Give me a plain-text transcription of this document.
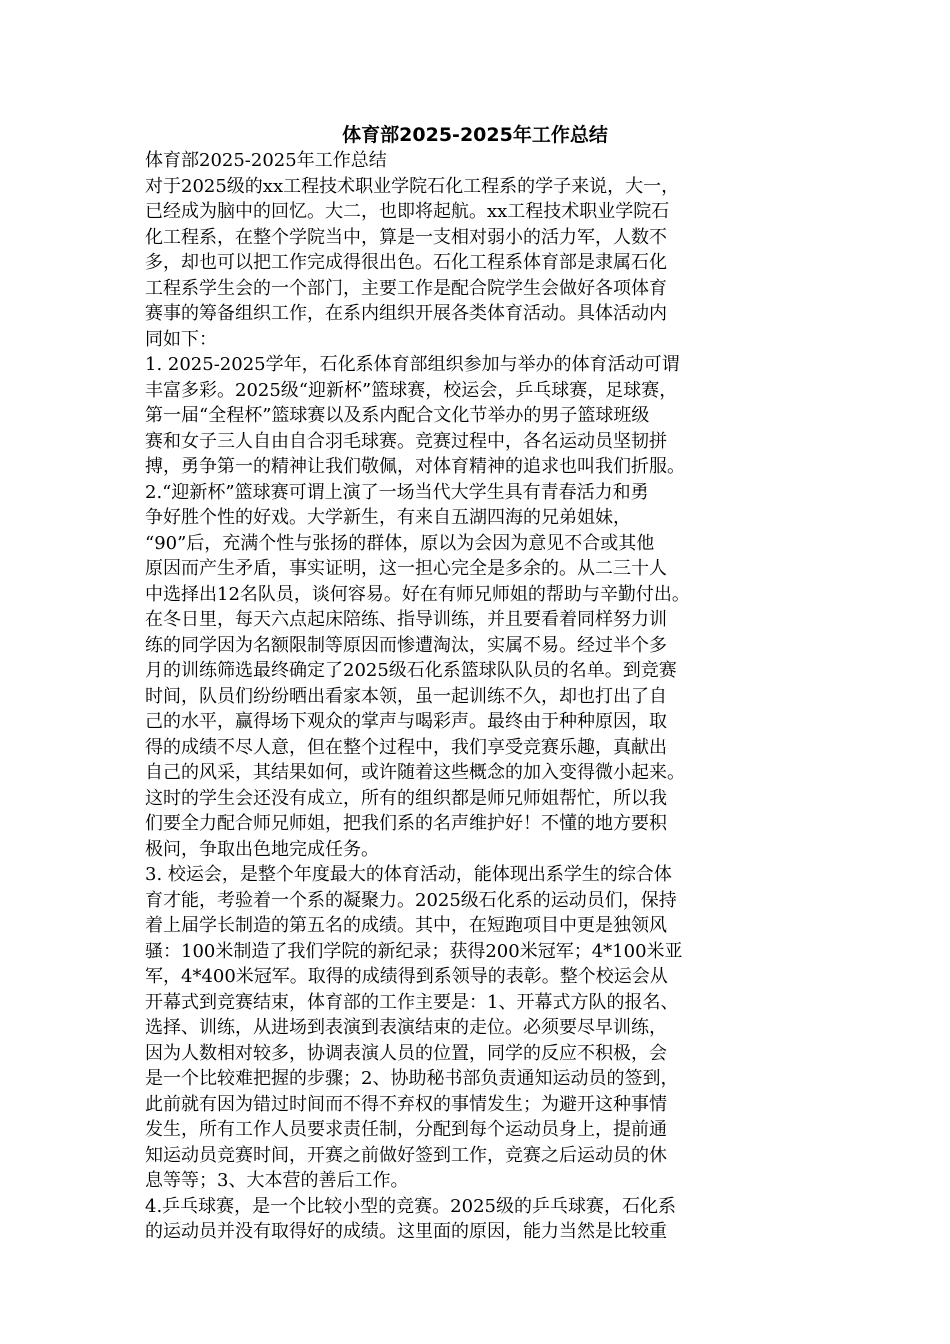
体育部2025-2025年工作总结
体育部2025-2025年工作总结
对于2025级的xx工程技术职业学院石化工程系的学子来说，大一，
已经成为脑中的回忆。大二，也即将起航。xx工程技术职业学院石
化工程系，在整个学院当中，算是一支相对弱小的活力军，人数不
多，却也可以把工作完成得很出色。石化工程系体育部是隶属石化
工程系学生会的一个部门，主要工作是配合院学生会做好各项体育
赛事的筹备组织工作，在系内组织开展各类体育活动。具体活动内
同如下：
1. 2025-2025学年，石化系体育部组织参加与举办的体育活动可谓
丰富多彩。2025级“迎新杯”篮球赛，校运会，乒乓球赛，足球赛，
第一届“全程杯”篮球赛以及系内配合文化节举办的男子篮球班级
赛和女子三人自由自合羽毛球赛。竞赛过程中，各名运动员坚韧拼
搏，勇争第一的精神让我们敬佩，对体育精神的追求也叫我们折服。
2.“迎新杯”篮球赛可谓上演了一场当代大学生具有青春活力和勇
争好胜个性的好戏。大学新生，有来自五湖四海的兄弟姐妹，
“90”后，充满个性与张扬的群体，原以为会因为意见不合或其他
原因而产生矛盾，事实证明，这一担心完全是多余的。从二三十人
中选择出12名队员，谈何容易。好在有师兄师姐的帮助与辛勤付出。
在冬日里，每天六点起床陪练、指导训练，并且要看着同样努力训
练的同学因为名额限制等原因而惨遭淘汰，实属不易。经过半个多
月的训练筛选最终确定了2025级石化系篮球队队员的名单。到竞赛
时间，队员们纷纷晒出看家本领，虽一起训练不久，却也打出了自
己的水平，赢得场下观众的掌声与喝彩声。最终由于种种原因，取
得的成绩不尽人意，但在整个过程中，我们享受竞赛乐趣，真献出
自己的风采，其结果如何，或许随着这些概念的加入变得微小起来。
这时的学生会还没有成立，所有的组织都是师兄师姐帮忙，所以我
们要全力配合师兄师姐，把我们系的名声维护好！不懂的地方要积
极问，争取出色地完成任务。
3. 校运会，是整个年度最大的体育活动，能体现出系学生的综合体
育才能，考验着一个系的凝聚力。2025级石化系的运动员们，保持
着上届学长制造的第五名的成绩。其中，在短跑项目中更是独领风
骚：100米制造了我们学院的新纪录；获得200米冠军；4*100米亚
军，4*400米冠军。取得的成绩得到系领导的表彰。整个校运会从
开幕式到竞赛结束，体育部的工作主要是：1、开幕式方队的报名、
选择、训练，从进场到表演到表演结束的走位。必须要尽早训练，
因为人数相对较多，协调表演人员的位置，同学的反应不积极，会
是一个比较难把握的步骤；2、协助秘书部负责通知运动员的签到，
此前就有因为错过时间而不得不弃权的事情发生；为避开这种事情
发生，所有工作人员要求责任制，分配到每个运动员身上，提前通
知运动员竞赛时间，开赛之前做好签到工作，竞赛之后运动员的休
息等等；3、大本营的善后工作。
4.乒乓球赛，是一个比较小型的竞赛。2025级的乒乓球赛，石化系
的运动员并没有取得好的成绩。这里面的原因，能力当然是比较重
